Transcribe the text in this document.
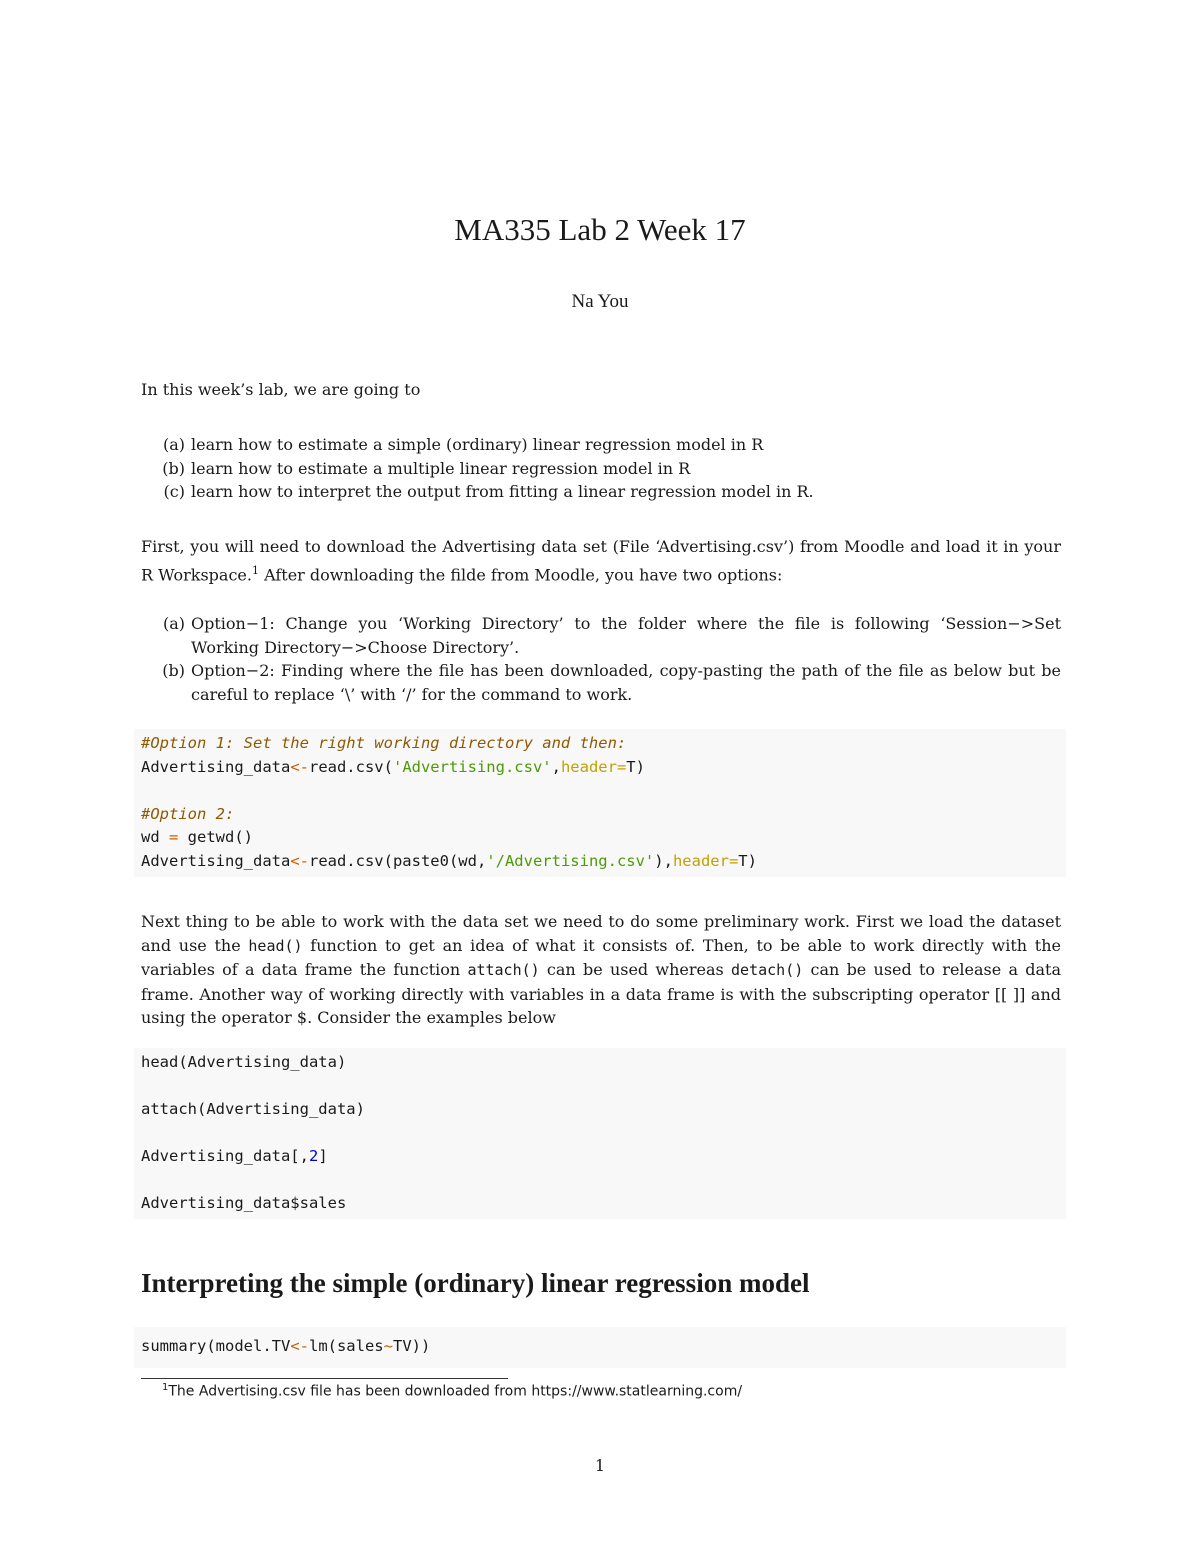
MA335 Lab 2 Week 17
Na You
In this week’s lab, we are going to
(a) learn how to estimate a simple (ordinary) linear regression model in R
(b) learn how to estimate a multiple linear regression model in R
(c) learn how to interpret the output from fitting a linear regression model in R.
First, you will need to download the Advertising data set (File ‘Advertising.csv’) from Moodle and load it in your R Workspace.$^1$ After downloading the filde from Moodle, you have two options:
(a) Option−1: Change you ‘Working Directory’ to the folder where the file is following ‘Session−>Set Working Directory−>Choose Directory’.
(b) Option−2: Finding where the file has been downloaded, copy-pasting the path of the file as below but be careful to replace ‘\’ with ‘/’ for the command to work.
#Option 1: Set the right working directory and then:
Advertising_data<-read.csv('Advertising.csv',header=T)

#Option 2:
wd = getwd()
Advertising_data<-read.csv(paste0(wd,'/Advertising.csv'),header=T)
Next thing to be able to work with the data set we need to do some preliminary work. First we load the dataset and use the head() function to get an idea of what it consists of. Then, to be able to work directly with the variables of a data frame the function attach() can be used whereas detach() can be used to release a data frame. Another way of working directly with variables in a data frame is with the subscripting operator [[ ]] and using the operator $. Consider the examples below
head(Advertising_data)

attach(Advertising_data)

Advertising_data[,2]

Advertising_data$sales
Interpreting the simple (ordinary) linear regression model
summary(model.TV<-lm(sales~TV))
$^1$The Advertising.csv file has been downloaded from https://www.statlearning.com/
1
